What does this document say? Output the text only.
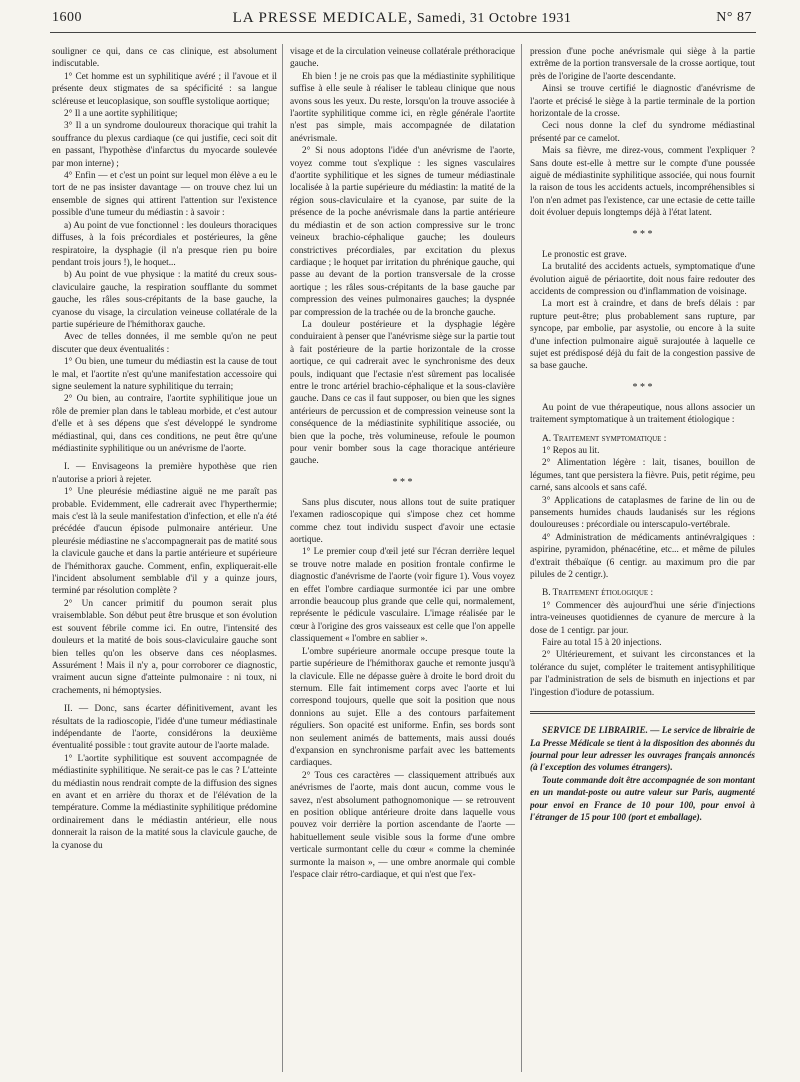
1600	LA PRESSE MEDICALE, Samedi, 31 Octobre 1931	N° 87

souligner ce qui, dans ce cas clinique, est absolument indiscutable.

1° Cet homme est un syphilitique avéré ; il l'avoue et il présente deux stigmates de sa spécificité : sa langue scléreuse et leucoplasique, son souffle systolique aortique;

2° Il a une aortite syphilitique;

3° Il a un syndrome douloureux thoracique qui trahit la souffrance du plexus cardiaque (ce qui justifie, ceci soit dit en passant, l'hypothèse d'infarctus du myocarde soulevée par mon interne) ;

4° Enfin — et c'est un point sur lequel mon élève a eu le tort de ne pas insister davantage — on trouve chez lui un ensemble de signes qui attirent l'attention sur l'existence possible d'une tumeur du médiastin : à savoir :

a) Au point de vue fonctionnel : les douleurs thoraciques diffuses, à la fois précordiales et postérieures, la gêne respiratoire, la dysphagie (il n'a presque rien pu boire pendant trois jours !), le hoquet...

b) Au point de vue physique : la matité du creux sous-claviculaire gauche, la respiration soufflante du sommet gauche, les râles sous-crépitants de la base gauche, la cyanose du visage, la circulation veineuse collatérale de la partie supérieure de l'hémithorax gauche.

Avec de telles données, il me semble qu'on ne peut discuter que deux éventualités :

1° Ou bien, une tumeur du médiastin est la cause de tout le mal, et l'aortite n'est qu'une manifestation accessoire qui signe seulement la nature syphilitique du terrain;

2° Ou bien, au contraire, l'aortite syphilitique joue un rôle de premier plan dans le tableau morbide, et c'est autour d'elle et à ses dépens que s'est développé le syndrome médiastinal, qui, dans ces conditions, ne peut être qu'une médiastinite syphilitique ou un anévrisme de l'aorte.

I. — Envisageons la première hypothèse que rien n'autorise a priori à rejeter.

1° Une pleurésie médiastine aiguë ne me paraît pas probable. Evidemment, elle cadrerait avec l'hyperthermie; mais c'est là la seule manifestation d'infection, et elle n'a été précédée d'aucun épisode pulmonaire antérieur. Une pleurésie médiastine ne s'accompagnerait pas de matité sous la clavicule gauche et dans la partie antérieure et supérieure de l'hémithorax gauche. Comment, enfin, expliquerait-elle l'incident absolument semblable d'il y a quinze jours, terminé par résolution complète ?

2° Un cancer primitif du poumon serait plus vraisemblable. Son début peut être brusque et son évolution est souvent fébrile comme ici. En outre, l'intensité des douleurs et la matité de bois sous-claviculaire gauche sont bien telles qu'on les observe dans ces néoplasmes. Assurément ! Mais il n'y a, pour corroborer ce diagnostic, vraiment aucun signe d'atteinte pulmonaire : ni toux, ni crachements, ni hémoptysies.

II. — Donc, sans écarter définitivement, avant les résultats de la radioscopie, l'idée d'une tumeur médiastinale indépendante de l'aorte, considérons la deuxième éventualité possible : tout gravite autour de l'aorte malade.

1° L'aortite syphilitique est souvent accompagnée de médiastinite syphilitique. Ne serait-ce pas le cas ? L'atteinte du médiastin nous rendrait compte de la diffusion des signes en avant et en arrière du thorax et de l'élévation de la température. Comme la médiastinite syphilitique prédomine ordinairement dans le médiastin antérieur, elle nous donnerait la raison de la matité sous la clavicule gauche, de la cyanose du

visage et de la circulation veineuse collatérale préthoracique gauche.

Eh bien ! je ne crois pas que la médiastinite syphilitique suffise à elle seule à réaliser le tableau clinique que nous avons sous les yeux. Du reste, lorsqu'on la trouve associée à l'aortite syphilitique comme ici, en règle générale l'aortite n'est pas simple, mais accompagnée de dilatation anévrismale.

2° Si nous adoptons l'idée d'un anévrisme de l'aorte, voyez comme tout s'explique : les signes vasculaires d'aortite syphilitique et les signes de tumeur médiastinale localisée à la partie supérieure du médiastin: la matité de la région sous-claviculaire et la cyanose, par suite de la présence de la poche anévrismale dans la partie antérieure du médiastin et de son action compressive sur le tronc veineux brachio-céphalique gauche; les douleurs constrictives précordiales, par excitation du plexus cardiaque ; le hoquet par irritation du phrénique gauche, qui passe au devant de la portion transversale de la crosse aortique ; les râles sous-crépitants de la base gauche par compression des veines pulmonaires gauches; la dyspnée par compression de la trachée ou de la bronche gauche.

La douleur postérieure et la dysphagie légère conduiraient à penser que l'anévrisme siège sur la partie tout à fait postérieure de la partie horizontale de la crosse aortique, ce qui cadrerait avec le synchronisme des deux pouls, indiquant que l'ectasie n'est sûrement pas localisée entre le tronc artériel brachio-céphalique et la sous-clavière gauche. Dans ce cas il faut supposer, ou bien que les signes antérieurs de percussion et de compression veineuse sont la conséquence de la médiastinite syphilitique associée, ou bien que la poche, très volumineuse, refoule le poumon pour venir bomber sous la cage thoracique antérieure gauche.

* * *

Sans plus discuter, nous allons tout de suite pratiquer l'examen radioscopique qui s'impose chez cet homme comme chez tout individu suspect d'avoir une ectasie aortique.

1° Le premier coup d'œil jeté sur l'écran derrière lequel se trouve notre malade en position frontale confirme le diagnostic d'anévrisme de l'aorte (voir figure 1). Vous voyez en effet l'ombre cardiaque surmontée ici par une ombre arrondie beaucoup plus grande que celle qui, normalement, représente le pédicule vasculaire. L'image réalisée par le cœur à l'origine des gros vaisseaux est celle que l'on appelle classiquement « l'ombre en sablier ».

L'ombre supérieure anormale occupe presque toute la partie supérieure de l'hémithorax gauche et remonte jusqu'à la clavicule. Elle ne dépasse guère à droite le bord droit du sternum. Elle fait intimement corps avec l'aorte et lui correspond toujours, quelle que soit la position que nous donnions au sujet. Elle a des contours parfaitement réguliers. Son opacité est uniforme. Enfin, ses bords sont non seulement animés de battements, mais aussi doués d'expansion en synchronisme parfait avec les battements cardiaques.

2° Tous ces caractères — classiquement attribués aux anévrismes de l'aorte, mais dont aucun, comme vous le savez, n'est absolument pathognomonique — se retrouvent en position oblique antérieure droite dans laquelle vous pouvez voir derrière la portion ascendante de l'aorte — habituellement seule visible sous la forme d'une ombre verticale surmontant celle du cœur « comme la cheminée surmonte la maison », — une ombre anormale qui comble l'espace clair rétro-cardiaque, et qui n'est que l'ex-

pression d'une poche anévrismale qui siège à la partie extrême de la portion transversale de la crosse aortique, tout près de l'origine de l'aorte descendante.

Ainsi se trouve certifié le diagnostic d'anévrisme de l'aorte et précisé le siège à la partie terminale de la portion horizontale de la crosse.

Ceci nous donne la clef du syndrome médiastinal présenté par ce camelot.

Mais sa fièvre, me direz-vous, comment l'expliquer ? Sans doute est-elle à mettre sur le compte d'une poussée aiguë de médiastinite syphilitique associée, qui nous fournit la raison de tous les accidents actuels, incompréhensibles si l'on n'en admet pas l'existence, car une ectasie de cette taille doit évoluer depuis longtemps déjà à l'état latent.

* * *

Le pronostic est grave.

La brutalité des accidents actuels, symptomatique d'une évolution aiguë de périaortite, doit nous faire redouter des accidents de compression ou d'inflammation de voisinage.

La mort est à craindre, et dans de brefs délais : par rupture peut-être; plus probablement sans rupture, par syncope, par embolie, par asystolie, ou encore à la suite d'une infection pulmonaire aiguë surajoutée à laquelle ce sujet est prédisposé déjà du fait de la congestion passive de sa base gauche.

* * *

Au point de vue thérapeutique, nous allons associer un traitement symptomatique à un traitement étiologique :

A. Traitement symptomatique :

1° Repos au lit.

2° Alimentation légère : lait, tisanes, bouillon de légumes, tant que persistera la fièvre. Puis, petit régime, peu carné, sans alcools et sans café.

3° Applications de cataplasmes de farine de lin ou de pansements humides chauds laudanisés sur les régions douloureuses : précordiale ou interscapulo-vertébrale.

4° Administration de médicaments antinévralgiques : aspirine, pyramidon, phénacétine, etc... et même de pilules d'extrait thébaïque (6 centigr. au maximum pro die par pilules de 2 centigr.).

B. Traitement étiologique :

1° Commencer dès aujourd'hui une série d'injections intra-veineuses quotidiennes de cyanure de mercure à la dose de 1 centigr. par jour.

Faire au total 15 à 20 injections.

2° Ultérieurement, et suivant les circonstances et la tolérance du sujet, compléter le traitement antisyphilitique par l'administration de sels de bismuth en injections et par l'ingestion d'iodure de potassium.

SERVICE DE LIBRAIRIE. — Le service de librairie de La Presse Médicale se tient à la disposition des abonnés du journal pour leur adresser les ouvrages français annoncés (à l'exception des volumes étrangers).

Toute commande doit être accompagnée de son montant en un mandat-poste ou autre valeur sur Paris, augmenté pour envoi en France de 10 pour 100, pour envoi à l'étranger de 15 pour 100 (port et emballage).
